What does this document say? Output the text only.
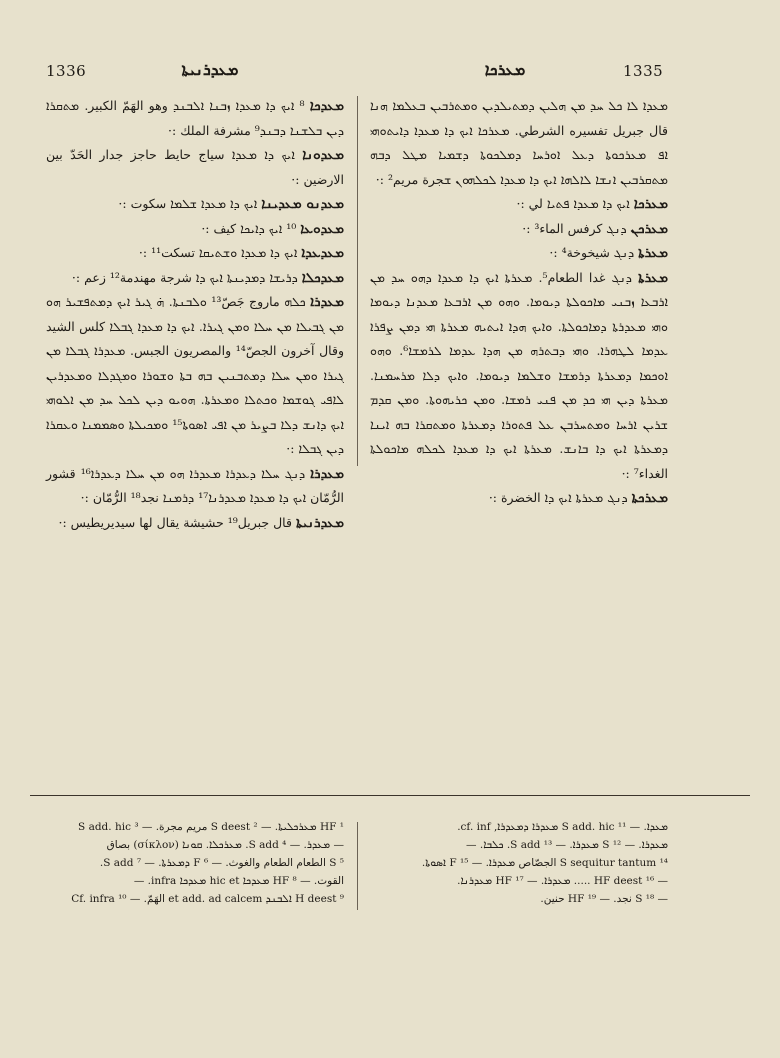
1336	ܡܥܕܪܢܝܬܐ	ܡܥܪܟܐ	1335

ܡܥܕܟܐ ⁸ ܐܝܟ ܕܐ ܡܥܕܐ ܙܒܢܐ ܐܠܒܢܕ وهو الهَمّ الكبير. ܡܬܩܪܐ ܕܝܢ ܒܠܫܢܐ ܕܒܢܕ⁹ مشرفة الملك :·

ܡܥܕܘܢܐ ܐܝܟ ܕܐ ܡܥܕܐ سياج حايط حاجز جدار الحَدّ بين الارضين :·

ܡܥܕܢܘ ܡܥܕܝܢܐ ܐܝܟ ܕܐ ܡܥܕܐ ܫܠܡܐ سكوت :·

ܡܥܕܘܥܐ ¹⁰ ܐܝܟ ܕܐܝܟܐ كيف :·

ܡܥܕܥܕܐ ܐܝܟ ܕܐ ܡܥܕܐ ܘܫܬܝܩܐ تسكت¹¹ :·

ܡܥܕܟܠܐ ܕܪܝܫܐ ܕܡܕܝܢܬܐ ܐܝܟ ܕܐ شرجة مهندمة¹² زعم :·

ܡܥܕܪܐ ܟܠܗ ماروج جَصّ¹³ ܘܠܒܢܬܐ. ܗ̇ ܓܝܪ ܐܝܟ ܕܡܬܦܫܝܪ ܗܘ ܡܢ ܓܒܝܠܐ ܡܢ ܚܠܐ ܘܡܢ ܓܝܪܐ. ܐܝܟ ܕܐ ܡܥܕܐ ܓܒܠܐ كلس الشيد وقال آخرون الجصّ¹⁴ والمصريون الجبس. ܡܥܕܪܐ ܓܒܠܐ ܡܢ ܓܝܪܐ ܘܡܢ ܚܠܐ ܕܡܬܒܢܝܢ ܒܗ ܒܬܐ ܘܫܘܪܐ ܘܡܓܕܠܐ ܘܡܥܕܪܝܢ ܠܐܦܝ ܓܘܫܡܐ ܘܟܬܠܐ ܘܡܥܪܬܐ. ܗܘܝܘ ܕܝܢ ܠܟܠ ܚܕ ܡܢ ܐܠܘܗܝ ܐܝܟ ܕܐܢܫ ܕܠܐ ܒܨܝܪ ܡܢ ܐܦܝ ܐܣܘܬܐ¹⁵ ܘܡܟܝܠܬܐ ܘܣܡܡܢܐ ܘܥܩܪܐ ܕܝܢ ܓܒܠܐ :·

ܡܥܕܪܐ ܕܢܓ ܚܠܐ ܕܥܕܪܐ ܡܥܕܪܐ ܗܘ ܡܢ ܚܠܐ ܕܥܕܪܐ¹⁶ قشور الرُّمّان ܐܝܟ ܕܐ ܡܥܕܐ ܡܥܕܪܢܐ¹⁷ ܕܪܡܢܐ نجد¹⁸ الرُّمّان :·

ܡܥܕܪܢܝܬܐ قال جبريل¹⁹ حشيشة يقال لها سيديريطيس :·

ܡܥܕܐ ܠܐ ܟܠ ܚܕ ܡܢ ܗܠܝܢ ܕܡܬܝܠܕܝܢ ܘܡܬܪܒܝܢ ܒܥܠܡܐ ܗܢܐ قال جبريل تفسيره الشرطي. ܡܥܪܟܐ ܐܝܟ ܕܐ ܡܥܕܐ ܕܐܝܬܘܗܝ ܐܦ ܡܥܪܟܘܬܐ ܕܥܠ ܐܘܪܚܐ ܕܡܠܟܘܬܐ ܕܫܡܝܐ ܡܛܠ ܕܒܗ ܡܬܩܪܒܝܢ ܐܢܫܐ ܠܐܠܗܐ ܐܝܟ ܕܐ ܡܥܕܐ ܠܟܠܗܘܢ ܫجرة مريم² :·

ܡܥܪܟܐ ܐܝܟ ܕܐ ܡܥܕܐ ܦܬܝܐ لي :·

ܡܥܪܟܢ ܕܢܓ كرفس الماء³ :·

ܡܥܪܬܐ ܕܢܓ شيخوخة⁴ :·

ܡܥܪܬܐ ܕܢܓ غدا الطعام⁵. ܡܥܪܬܐ ܐܝܟ ܕܐ ܡܥܕܐ ܕܗܘ ܚܕ ܡܢ ܐܪܒܥܐ ܙܒܢܝ ܡܐܟܘܠܬܐ ܕܝܘܡܐ. ܘܗܘ ܡܢ ܐܪܒܥܐ ܡܥܕܢܐ ܕܝܘܡܐ ܘܗܝ ܡܥܕܪܬܐ ܕܡܐܟܘܠܬܐ. ܘܐܝܟ ܗܕܐ ܐܝܬܝܗ ܡܥܪܬܐ ܗܝ ܕܡܢ ܨܦܪܐ ܥܕܡܐ ܠܛܗܪܐ. ܘܗܝ ܕܒܬܪܗ ܡܢ ܗܕܐ ܥܕܡܐ ܠܪܡܫܐ⁶. ܘܗܘ ܐܘܟܡܐ ܕܡܥܪܬܐ ܕܪܡܫܐ ܘܫܠܡܐ ܕܝܘܡܐ. ܘܐܝܟ ܕܠܐ ܡܪܚܡܢܐ. ܡܥܪܬܐ ܕܝܢ ܗܝ ܟܕ ܡܢ ܦܢܝ ܪܡܫܐ. ܘܡܢ ܟܪܝܗܘܬܐ. ܘܡܢ ܩܕܡ ܫܪܝܢ ܐܪܚܐ ܘܡܬܚܪܒܢ ܥܠ ܦܬܘܪܐ ܕܡܥܪܬܐ ܘܡܬܩܪܐ ܒܗ ܐܝܢܐ ܕܡܥܪܬܐ ܐܝܟ ܕܐ ܒܐܢܫ. ܡܥܪܬܐ ܐܝܟ ܕܐ ܡܥܕܐ ܠܟܠܗ ܡܐܟܘܠܬܐ الغداء⁷ :·

ܡܥܪܟܬܐ ܕܢܓ ܡܥܪܬܐ ܐܝܟ ܕܐ الخضرة :·

¹ HF ܡܥܪܟܠܝܬܐ. — ² S deest مريم مجرة. — ³ S add. hic

— ܡܥܕܪ. — ⁴ S add. ܡܥܪܟܠܐ. ܩܘܢܐ (σίκλον) بصاق

⁵ S الطعام الطعام والغوث. — ⁶ F ܕܡܥܪܬܐ. — ⁷ S add.

القوت. — ⁸ HF ܡܥܕܟܐ hic et ܡܥܕܟܐ infra. —

⁹ H deest ܐܠܒܢܕ et add. ad calcem الهَمّ. — ¹⁰ Cf. infra

ܡܥܕܐ. — ¹¹ S add. hic ܡܥܕܪܐ ܕܡܥܕܪܐ, cf. inf.

ܡܥܕܪܐ. — ¹² S ܡܥܕܪܐ. — ¹³ S add. ܟܠܒܐ. —

¹⁴ S sequitur tantum الجصّاص ܡܥܕܪܐ. — ¹⁵ F ܐܣܘܬܐ.

— ¹⁶ HF deest ..... ܡܥܕܪܐ. — ¹⁷ HF ܡܥܕܪܢܐ.

— ¹⁸ S نجد. — ¹⁹ HF حنين.
